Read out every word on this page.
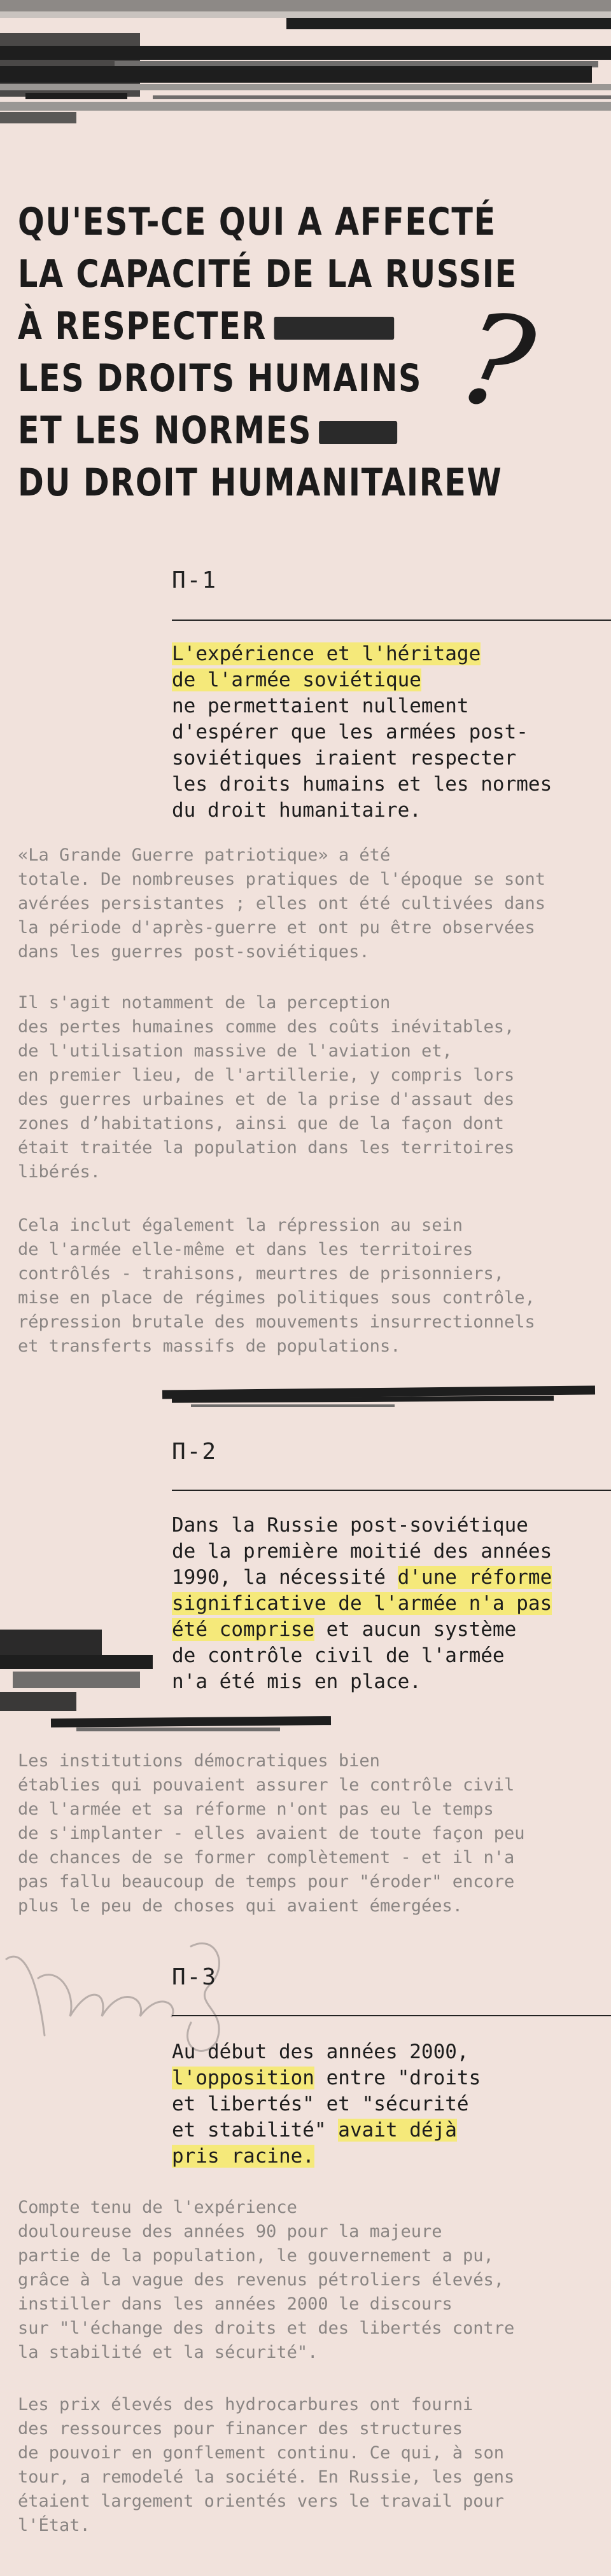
QU'EST-CE QUI A AFFECTÉ
LA CAPACITÉ DE LA RUSSIE
À RESPECTER
LES DROITS HUMAINS
ET LES NORMES
DU DROIT HUMANITAIREW
?
П-1

L'expérience et l'héritage
de l'armée soviétique
ne permettaient nullement
d'espérer que les armées post-
soviétiques iraient respecter
les droits humains et les normes
du droit humanitaire.

«La Grande Guerre patriotique» a été
totale. De nombreuses pratiques de l'époque se sont
avérées persistantes ; elles ont été cultivées dans
la période d'après-guerre et ont pu être observées
dans les guerres post-soviétiques.

Il s'agit notamment de la perception
des pertes humaines comme des coûts inévitables,
de l'utilisation massive de l'aviation et,
en premier lieu, de l'artillerie, y compris lors
des guerres urbaines et de la prise d'assaut des
zones d’habitations, ainsi que de la façon dont
était traitée la population dans les territoires
libérés.

Cela inclut également la répression au sein
de l'armée elle-même et dans les territoires
contrôlés - trahisons, meurtres de prisonniers,
mise en place de régimes politiques sous contrôle,
répression brutale des mouvements insurrectionnels
et transferts massifs de populations.

П-2

Dans la Russie post-soviétique
de la première moitié des années
1990, la nécessité d'une réforme
significative de l'armée n'a pas
été comprise et aucun système
de contrôle civil de l'armée
n'a été mis en place.

Les institutions démocratiques bien
établies qui pouvaient assurer le contrôle civil
de l'armée et sa réforme n'ont pas eu le temps
de s'implanter - elles avaient de toute façon peu
de chances de se former complètement - et il n'a
pas fallu beaucoup de temps pour "éroder" encore
plus le peu de choses qui avaient émergées.

П-3

Au début des années 2000,
l'opposition entre "droits
et libertés" et "sécurité
et stabilité" avait déjà
pris racine.

Compte tenu de l'expérience
douloureuse des années 90 pour la majeure
partie de la population, le gouvernement a pu,
grâce à la vague des revenus pétroliers élevés,
instiller dans les années 2000 le discours
sur "l'échange des droits et des libertés contre
la stabilité et la sécurité".

Les prix élevés des hydrocarbures ont fourni
des ressources pour financer des structures
de pouvoir en gonflement continu. Ce qui, à son
tour, a remodelé la société. En Russie, les gens
étaient largement orientés vers le travail pour
l'État.
